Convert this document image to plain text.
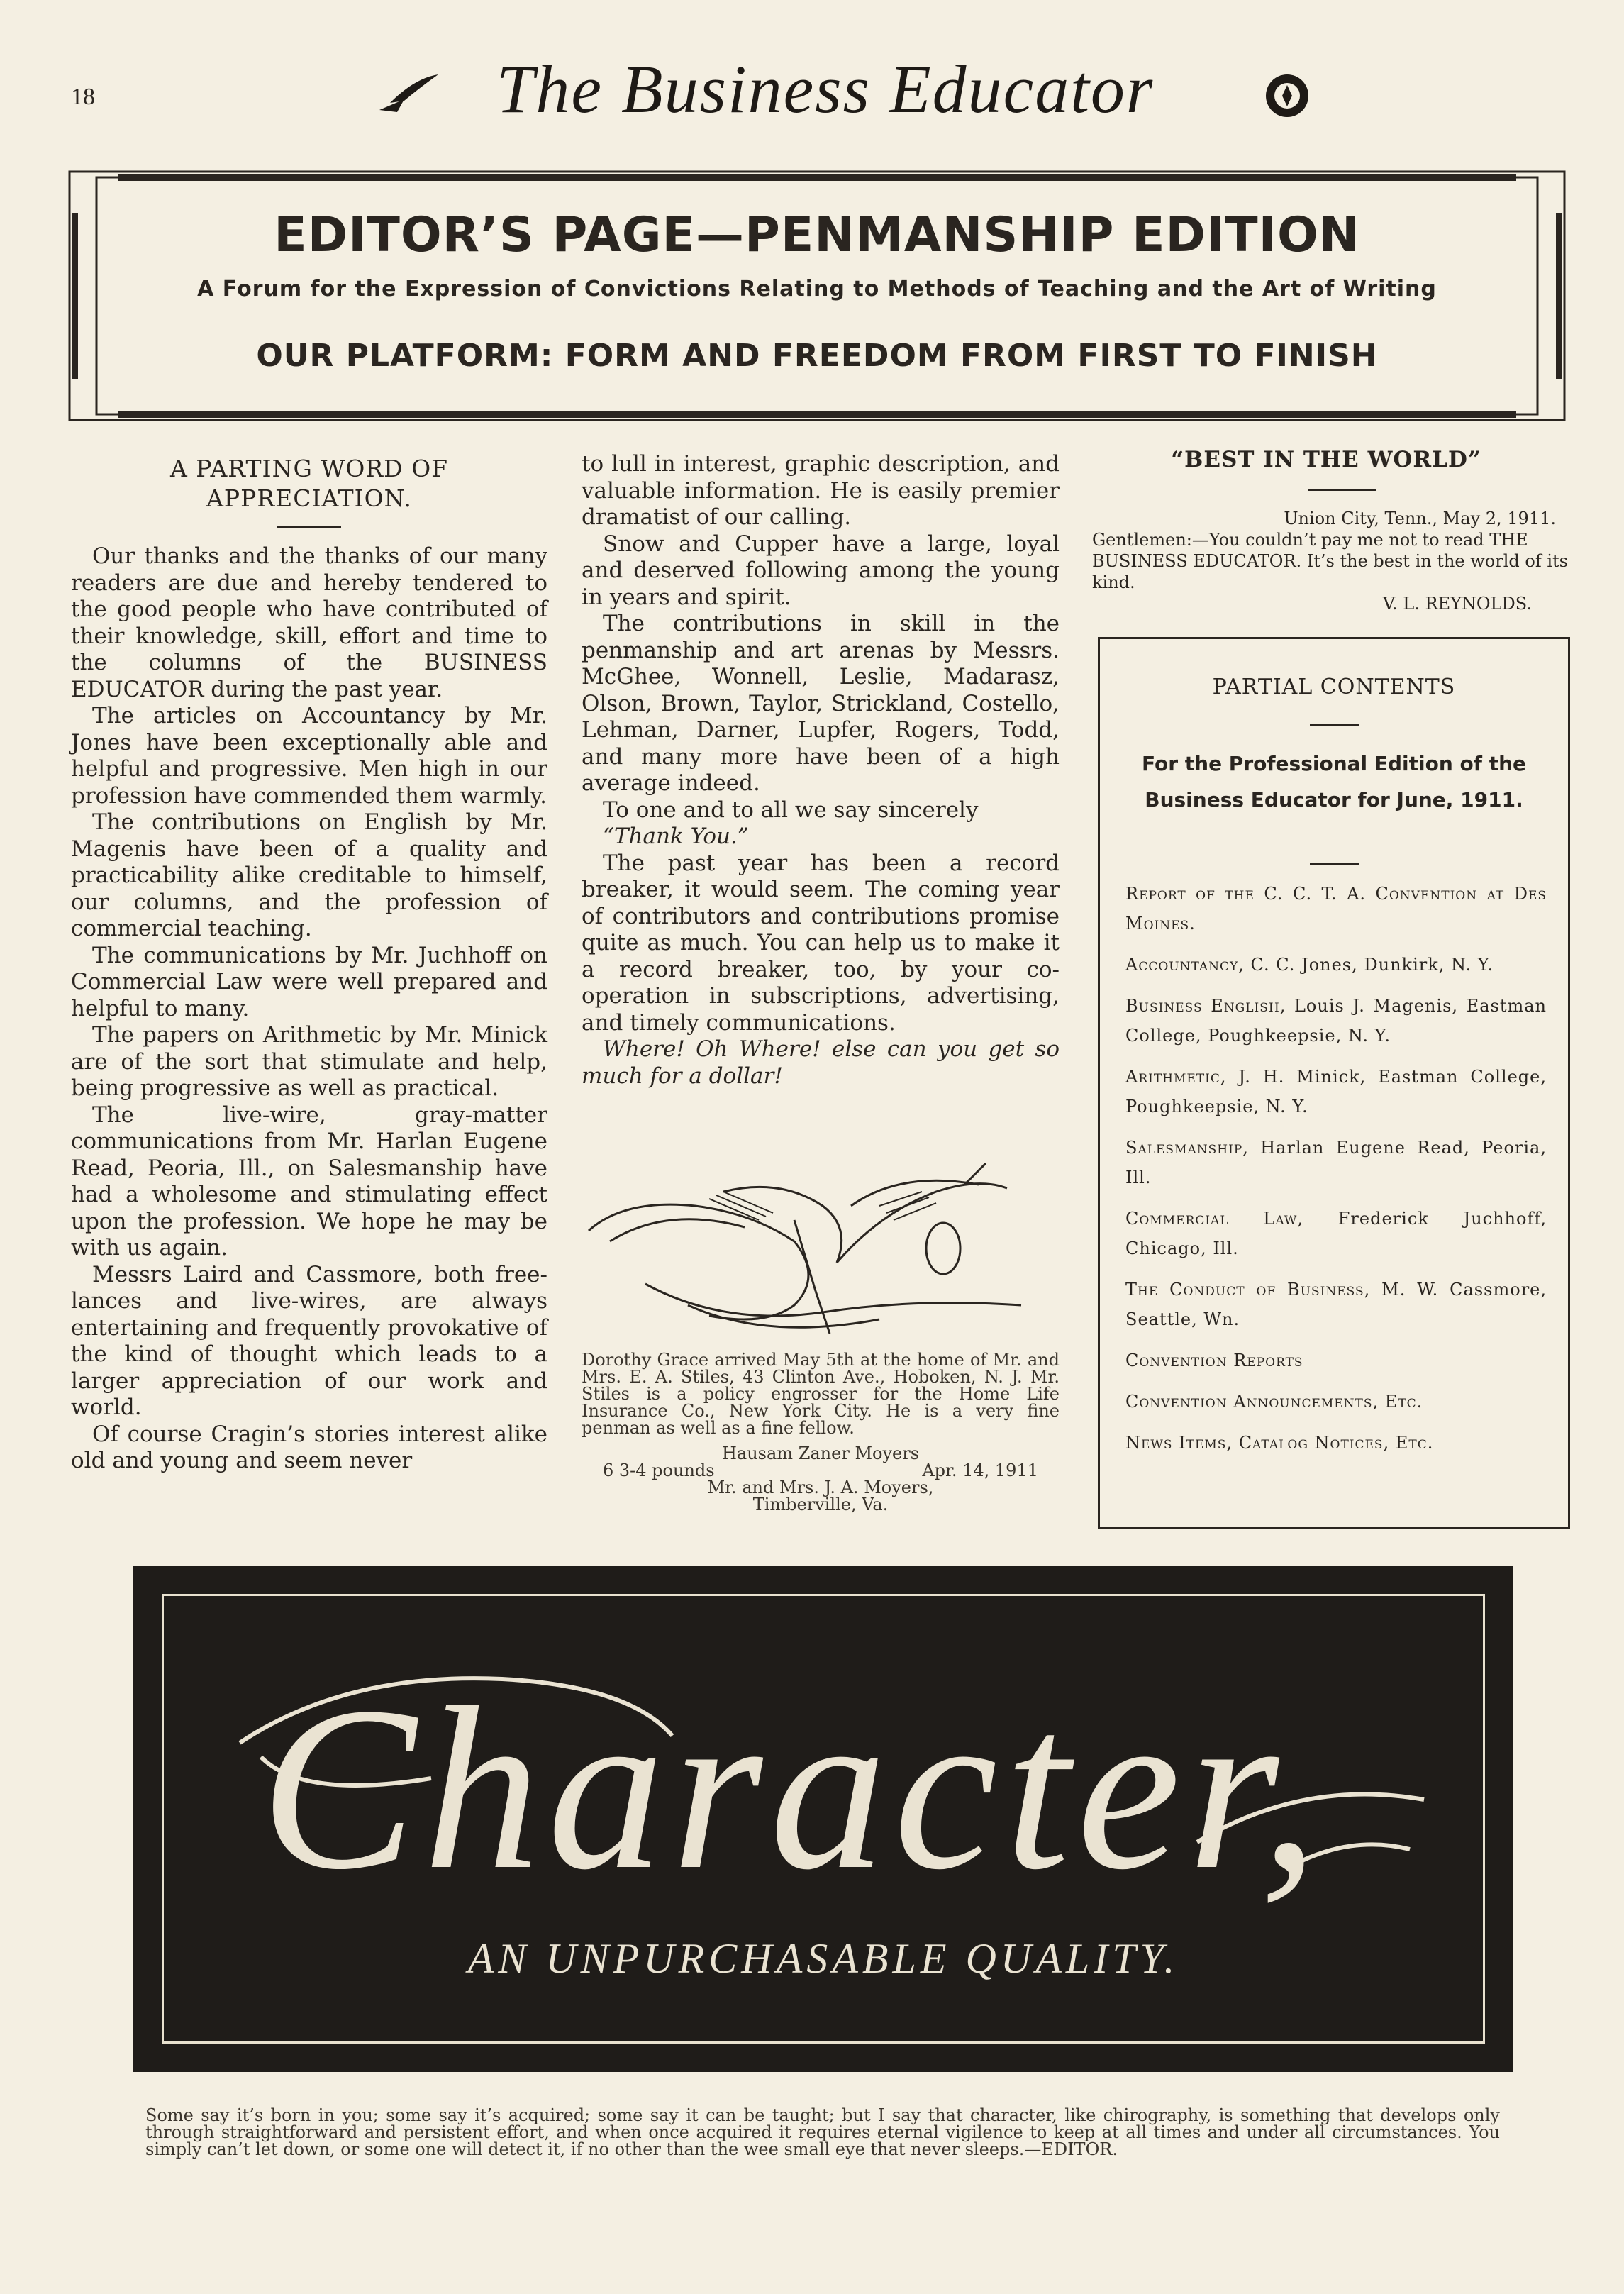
18	The Business Educator
EDITOR’S PAGE—PENMANSHIP EDITION
A Forum for the Expression of Convictions Relating to Methods of Teaching and the Art of Writing
OUR PLATFORM: FORM AND FREEDOM FROM FIRST TO FINISH

A PARTING WORD OF APPRECIATION.

Our thanks and the thanks of our many readers are due and hereby tendered to the good people who have contributed of their knowledge, skill, effort and time to the columns of the BUSINESS EDUCATOR during the past year.

The articles on Accountancy by Mr. Jones have been exceptionally able and helpful and progressive. Men high in our profession have commended them warmly.

The contributions on English by Mr. Magenis have been of a quality and practicability alike creditable to himself, our columns, and the profession of commercial teaching.

The communications by Mr. Juchhoff on Commercial Law were well prepared and helpful to many.

The papers on Arithmetic by Mr. Minick are of the sort that stimulate and help, being progressive as well as practical.

The live-wire, gray-matter communications from Mr. Harlan Eugene Read, Peoria, Ill., on Salesmanship have had a wholesome and stimulating effect upon the profession. We hope he may be with us again.

Messrs Laird and Cassmore, both free-lances and live-wires, are always entertaining and frequently provokative of the kind of thought which leads to a larger appreciation of our work and world.

Of course Cragin’s stories interest alike old and young and seem never

to lull in interest, graphic description, and valuable information. He is easily premier dramatist of our calling.

Snow and Cupper have a large, loyal and deserved following among the young in years and spirit.

The contributions in skill in the penmanship and art arenas by Messrs. McGhee, Wonnell, Leslie, Madarasz, Olson, Brown, Taylor, Strickland, Costello, Lehman, Darner, Lupfer, Rogers, Todd, and many more have been of a high average indeed.

To one and to all we say sincerely

“Thank You.”

The past year has been a record breaker, it would seem. The coming year of contributors and contributions promise quite as much. You can help us to make it a record breaker, too, by your co-operation in subscriptions, advertising, and timely communications.

Where! Oh Where! else can you get so much for a dollar!

Dorothy Grace arrived May 5th at the home of Mr. and Mrs. E. A. Stiles, 43 Clinton Ave., Hoboken, N. J. Mr. Stiles is a policy engrosser for the Home Life Insurance Co., New York City. He is a very fine penman as well as a fine fellow.
Hausam Zaner Moyers
6 3-4 pounds	Apr. 14, 1911
Mr. and Mrs. J. A. Moyers,
Timberville, Va.
“BEST IN THE WORLD”
Union City, Tenn., May 2, 1911.
Gentlemen:—You couldn’t pay me not to read THE BUSINESS EDUCATOR. It’s the best in the world of its kind.
V. L. REYNOLDS.
PARTIAL CONTENTS
For the Professional Edition of the Business Educator for June, 1911.
Report of the C. C. T. A. Convention at Des Moines.
Accountancy, C. C. Jones, Dunkirk, N. Y.
Business English, Louis J. Magenis, Eastman College, Poughkeepsie, N. Y.
Arithmetic, J. H. Minick, Eastman College, Poughkeepsie, N. Y.
Salesmanship, Harlan Eugene Read, Peoria, Ill.
Commercial Law, Frederick Juchhoff, Chicago, Ill.
The Conduct of Business, M. W. Cassmore, Seattle, Wn.
Convention Reports
Convention Announcements, Etc.
News Items, Catalog Notices, Etc.
Character,
AN UNPURCHASABLE QUALITY.
Some say it’s born in you; some say it’s acquired; some say it can be taught; but I say that character, like chirography, is something that develops only through straightforward and persistent effort, and when once acquired it requires eternal vigilence to keep at all times and under all circumstances. You simply can’t let down, or some one will detect it, if no other than the wee small eye that never sleeps.—EDITOR.
